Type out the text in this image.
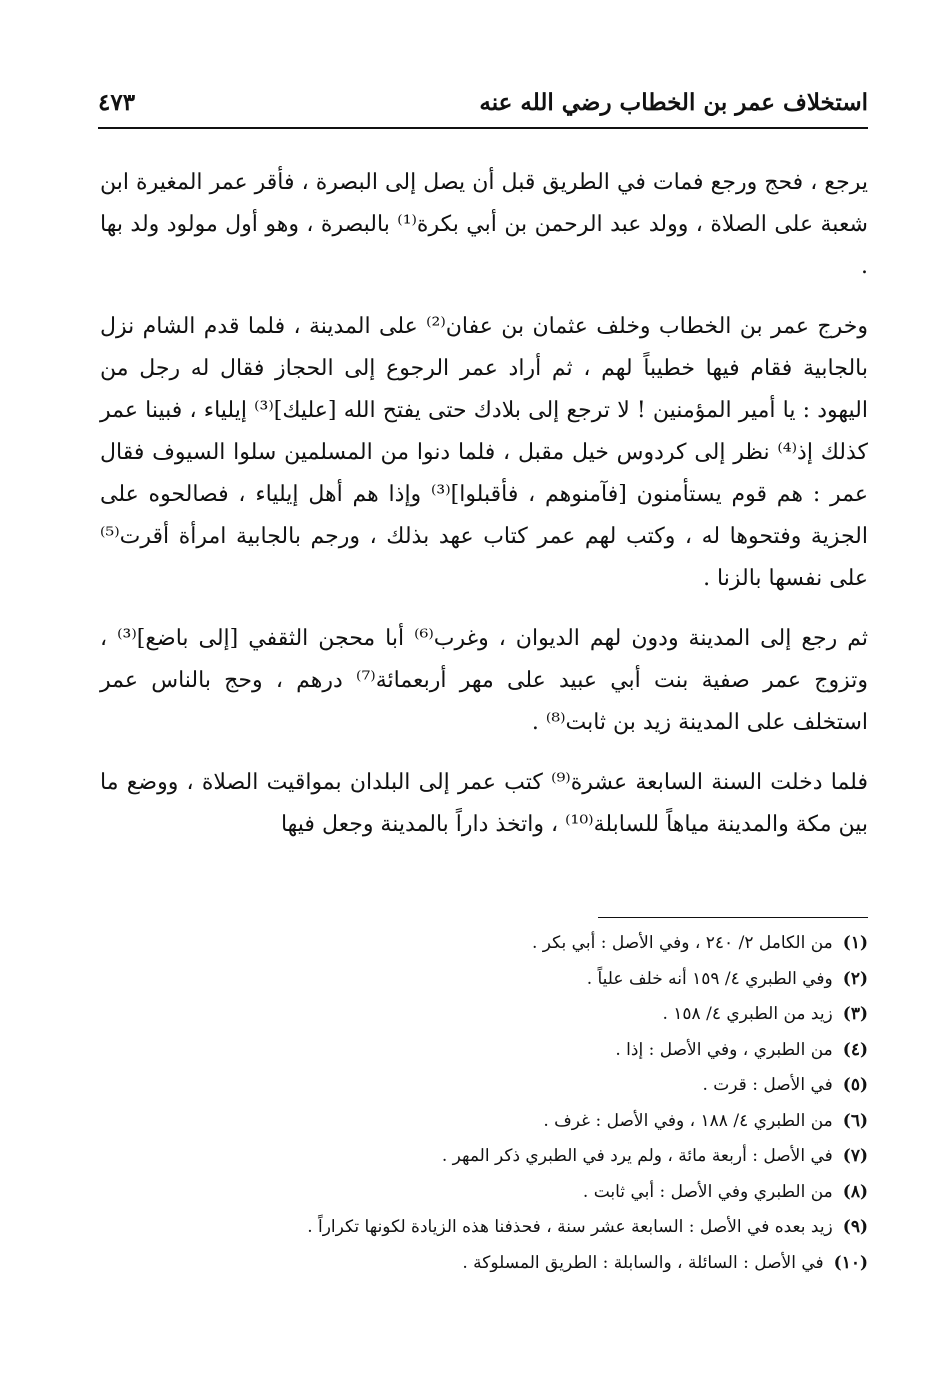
استخلاف عمر بن الخطاب رضي الله عنه
٤٧٣

يرجع ، فحج ورجع فمات في الطريق قبل أن يصل إلى البصرة ، فأقر عمر المغيرة ابن شعبة على الصلاة ، وولد عبد الرحمن بن أبي بكرة⁽¹⁾ بالبصرة ، وهو أول مولود ولد بها .

وخرج عمر بن الخطاب وخلف عثمان بن عفان⁽²⁾ على المدينة ، فلما قدم الشام نزل بالجابية فقام فيها خطيباً لهم ، ثم أراد عمر الرجوع إلى الحجاز فقال له رجل من اليهود : يا أمير المؤمنين ! لا ترجع إلى بلادك حتى يفتح الله [عليك]⁽³⁾ إيلياء ، فبينا عمر كذلك إذ⁽⁴⁾ نظر إلى كردوس خيل مقبل ، فلما دنوا من المسلمين سلوا السيوف فقال عمر : هم قوم يستأمنون [فآمنوهم ، فأقبلوا]⁽³⁾ وإذا هم أهل إيلياء ، فصالحوه على الجزية وفتحوها له ، وكتب لهم عمر كتاب عهد بذلك ، ورجم بالجابية امرأة أقرت⁽⁵⁾ على نفسها بالزنا .

ثم رجع إلى المدينة ودون لهم الديوان ، وغرب⁽⁶⁾ أبا محجن الثقفي [إلى باضع]⁽³⁾ ، وتزوج عمر صفية بنت أبي عبيد على مهر أربعمائة⁽⁷⁾ درهم ، وحج بالناس عمر استخلف على المدينة زيد بن ثابت⁽⁸⁾ .

فلما دخلت السنة السابعة عشرة⁽⁹⁾ كتب عمر إلى البلدان بمواقيت الصلاة ، ووضع ما بين مكة والمدينة مياهاً للسابلة⁽¹⁰⁾ ، واتخذ داراً بالمدينة وجعل فيها

(١)من الكامل ٢/ ٢٤٠ ، وفي الأصل : أبي بكر .

(٢)وفي الطبري ٤/ ١٥٩ أنه خلف علياً .

(٣)زيد من الطبري ٤/ ١٥٨ .

(٤)من الطبري ، وفي الأصل : إذا .

(٥)في الأصل : قرت .

(٦)من الطبري ٤/ ١٨٨ ، وفي الأصل : غرف .

(٧)في الأصل : أربعة مائة ، ولم يرد في الطبري ذكر المهر .

(٨)من الطبري وفي الأصل : أبي ثابت .

(٩)زيد بعده في الأصل : السابعة عشر سنة ، فحذفنا هذه الزيادة لكونها تكراراً .

(١٠)في الأصل : السائلة ، والسابلة : الطريق المسلوكة .
